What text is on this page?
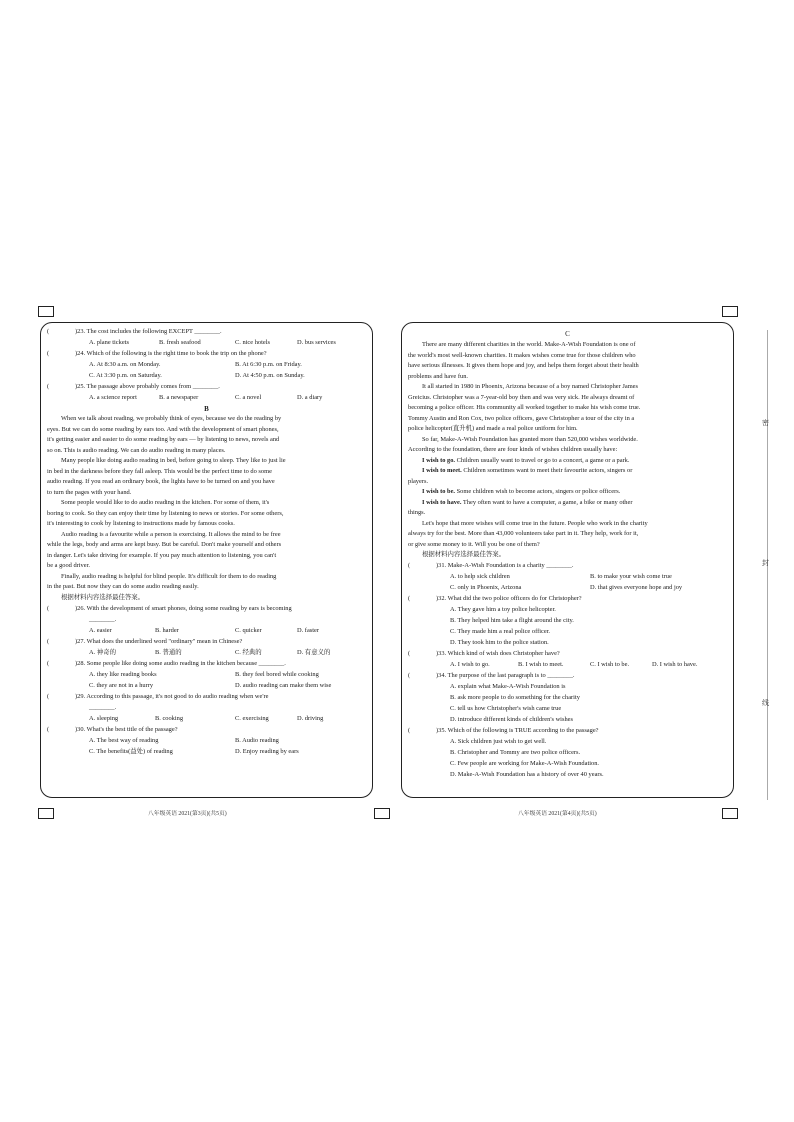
密
封
线
(	)23. The cost includes the following EXCEPT ________.
A. plane tickets	B. fresh seafood	C. nice hotels	D. bus services
(	)24. Which of the following is the right time to book the trip on the phone?
A. At 8:30 a.m. on Monday.	B. At 6:30 p.m. on Friday.
C. At 3:30 p.m. on Saturday.	D. At 4:50 p.m. on Sunday.
(	)25. The passage above probably comes from ________.
A. a science report	B. a newspaper	C. a novel	D. a diary
B
When we talk about reading, we probably think of eyes, because we do the reading by
eyes. But we can do some reading by ears too. And with the development of smart phones,
it's getting easier and easier to do some reading by ears — by listening to news, novels and
so on. This is audio reading. We can do audio reading in many places.
Many people like doing audio reading in bed, before going to sleep. They like to just lie
in bed in the darkness before they fall asleep. This would be the perfect time to do some
audio reading. If you read an ordinary book, the lights have to be turned on and you have
to turn the pages with your hand.
Some people would like to do audio reading in the kitchen. For some of them, it's
boring to cook. So they can enjoy their time by listening to news or stories. For some others,
it's interesting to cook by listening to instructions made by famous cooks.
Audio reading is a favourite while a person is exercising. It allows the mind to be free
while the legs, body and arms are kept busy. But be careful. Don't make yourself and others
in danger. Let's take driving for example. If you pay much attention to listening, you can't
be a good driver.
Finally, audio reading is helpful for blind people. It's difficult for them to do reading
in the past. But now they can do some audio reading easily.
根据材料内容选择最佳答案。
(	)26. With the development of smart phones, doing some reading by ears is becoming
________.
A. easier	B. harder	C. quicker	D. faster
(	)27. What does the underlined word "ordinary" mean in Chinese?
A. 神奇的	B. 普通的	C. 经典的	D. 有意义的
(	)28. Some people like doing some audio reading in the kitchen because ________.
A. they like reading books	B. they feel bored while cooking
C. they are not in a hurry	D. audio reading can make them wise
(	)29. According to this passage, it's not good to do audio reading when we're
________.
A. sleeping	B. cooking	C. exercising	D. driving
(	)30. What's the best title of the passage?
A. The best way of reading	B. Audio reading
C. The benefits(益处) of reading	D. Enjoy reading by ears
八年级英语 2021(第3页)(共5页)
C
There are many different charities in the world. Make-A-Wish Foundation is one of
the world's most well-known charities. It makes wishes come true for those children who
have serious illnesses. It gives them hope and joy, and helps them forget about their health
problems and have fun.
It all started in 1980 in Phoenix, Arizona because of a boy named Christopher James
Greicius. Christopher was a 7-year-old boy then and was very sick. He always dreamt of
becoming a police officer. His community all worked together to make his wish come true.
Tommy Austin and Ron Cox, two police officers, gave Christopher a tour of the city in a
police helicopter(直升机) and made a real police uniform for him.
So far, Make-A-Wish Foundation has granted more than 520,000 wishes worldwide.
According to the foundation, there are four kinds of wishes children usually have:
I wish to go. Children usually want to travel or go to a concert, a game or a park.
I wish to meet. Children sometimes want to meet their favourite actors, singers or
players.
I wish to be. Some children wish to become actors, singers or police officers.
I wish to have. They often want to have a computer, a game, a bike or many other
things.
Let's hope that more wishes will come true in the future. People who work in the charity
always try for the best. More than 43,000 volunteers take part in it. They help, work for it,
or give some money to it. Will you be one of them?
根据材料内容选择最佳答案。
(	)31. Make-A-Wish Foundation is a charity ________.
A. to help sick children	B. to make your wish come true
C. only in Phoenix, Arizona	D. that gives everyone hope and joy
(	)32. What did the two police officers do for Christopher?
A. They gave him a toy police helicopter.
B. They helped him take a flight around the city.
C. They made him a real police officer.
D. They took him to the police station.
(	)33. Which kind of wish does Christopher have?
A. I wish to go.	B. I wish to meet.	C. I wish to be.	D. I wish to have.
(	)34. The purpose of the last paragraph is to ________.
A. explain what Make-A-Wish Foundation is
B. ask more people to do something for the charity
C. tell us how Christopher's wish came true
D. introduce different kinds of children's wishes
(	)35. Which of the following is TRUE according to the passage?
A. Sick children just wish to get well.
B. Christopher and Tommy are two police officers.
C. Few people are working for Make-A-Wish Foundation.
D. Make-A-Wish Foundation has a history of over 40 years.
八年级英语 2021(第4页)(共5页)
